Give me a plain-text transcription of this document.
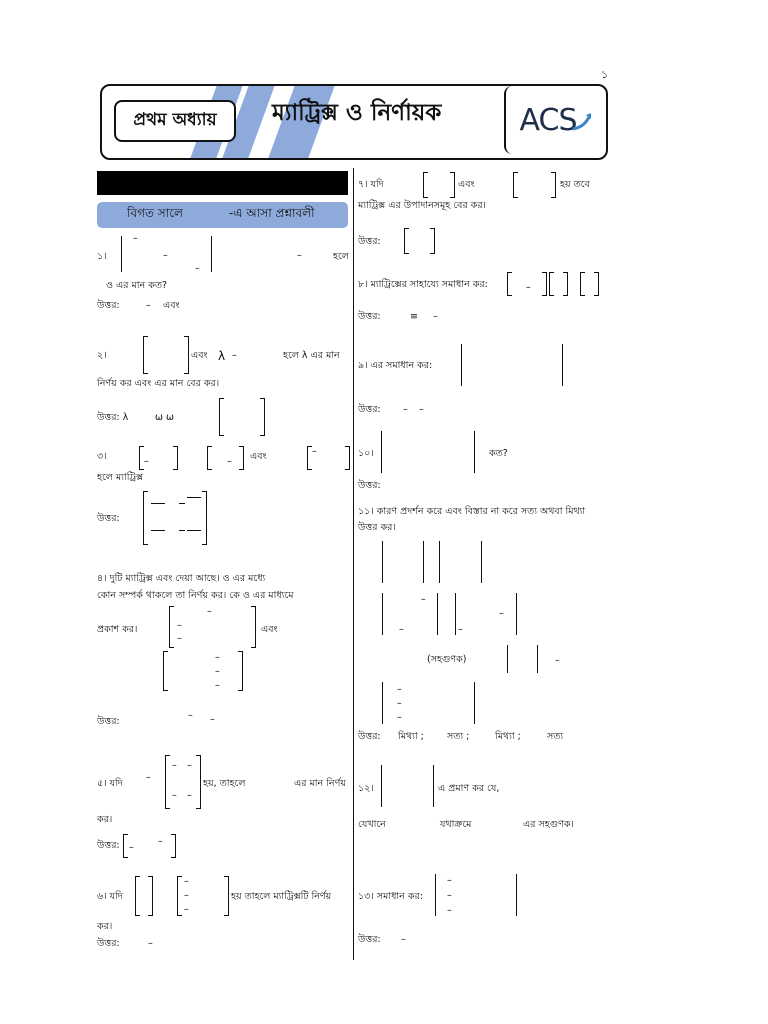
১
প্রথম অধ্যায়	ম্যাট্রিক্স ও নির্ণায়ক	ACS
বিগত সালে	-এ আসা প্রশ্নাবলী
১।
–
–
–
–	হলে
ও এর মান কত?
উত্তর:	– এবং
২।	এবং λ –	হলে λ এর মান
নির্ণয় কর এবং এর মান বের কর।
উত্তর: λ	ω ω
৩।	–	– এবং	–
হলে ম্যাট্রিক্স
উত্তর:
৪। দুটি ম্যাট্রিক্স এবং দেয়া আছে। ও এর মধ্যে
কোন সম্পর্ক থাকলে তা নির্ণয় কর। কে ও এর মাধ্যমে
প্রকাশ কর।	–
–
–
এবং
–
–
–
উত্তর:
– –
৫। যদি
–
– –
– –
হয়, তাহলে	এর মান নির্ণয়
কর।
উত্তর: –
–
৬। যদি
–
–
–
হয় তাহলে ম্যাট্রিক্সটি নির্ণয়
কর।
উত্তর:	–
৭। যদি	এবং	হয় তবে
ম্যাট্রিক্স এর উপাদানসমূহ বের কর।
উত্তর:
৮। ম্যাট্রিক্সের সাহায্যে সমাধান কর:	–
উত্তর:	≡ –
৯। এর সমাধান কর:
উত্তর: – –
১০।	কত?
উত্তর:
১১। কারণ প্রদর্শন করে এবং বিস্তার না করে সত্য অথবা মিথ্যা
উত্তর কর।
–
–
–
–
(সহগুণক)	–
–
–
–
উত্তর: মিথ্যা ; সত্য ;	মিথ্যা ;	সত্য
১২।	এ প্রমাণ কর যে,
যেখানে	যথাক্রমে	এর সহগুণক।
১৩। সমাধান কর:
–
–
–
উত্তর: –
